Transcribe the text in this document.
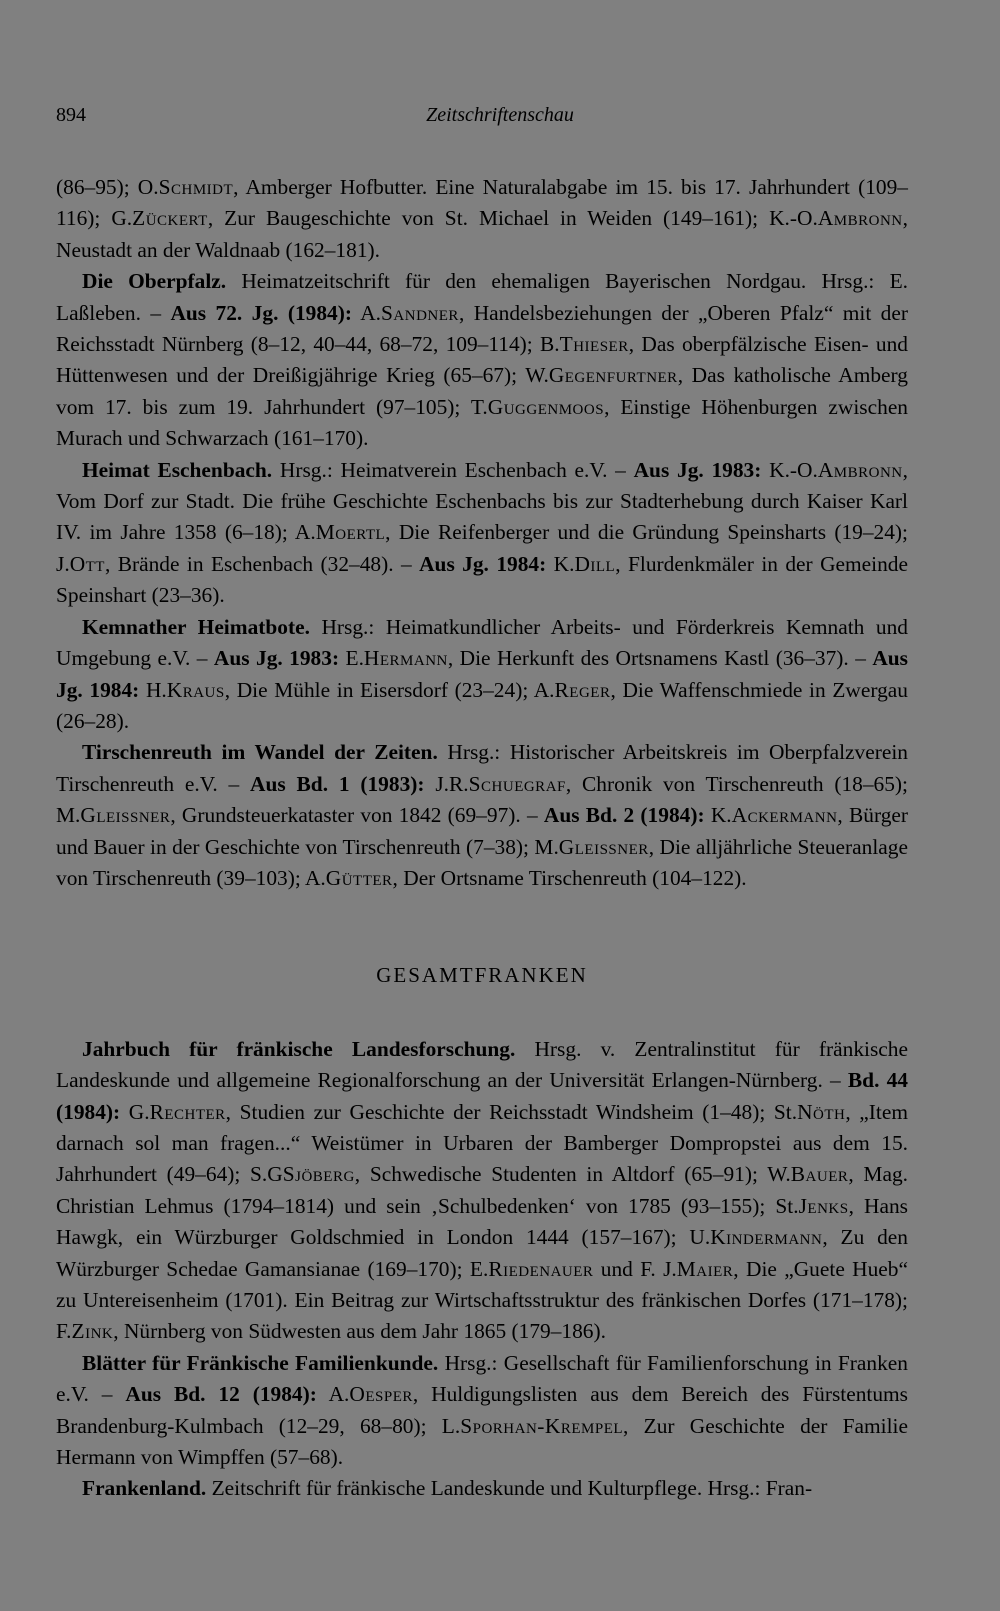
894	Zeitschriftenschau

(86–95); O.Schmidt, Amberger Hofbutter. Eine Naturalabgabe im 15. bis 17. Jahrhundert (109–116); G.Zückert, Zur Baugeschichte von St. Michael in Weiden (149–161); K.-O.Ambronn, Neustadt an der Waldnaab (162–181).

Die Oberpfalz. Heimatzeitschrift für den ehemaligen Bayerischen Nordgau. Hrsg.: E. Laßleben. – Aus 72. Jg. (1984): A.Sandner, Handelsbeziehungen der „Oberen Pfalz“ mit der Reichsstadt Nürnberg (8–12, 40–44, 68–72, 109–114); B.Thieser, Das oberpfälzische Eisen- und Hüttenwesen und der Dreißigjährige Krieg (65–67); W.Gegenfurtner, Das katholische Amberg vom 17. bis zum 19. Jahrhundert (97–105); T.Guggenmoos, Einstige Höhenburgen zwischen Murach und Schwarzach (161–170).

Heimat Eschenbach. Hrsg.: Heimatverein Eschenbach e.V. – Aus Jg. 1983: K.-O.Ambronn, Vom Dorf zur Stadt. Die frühe Geschichte Eschenbachs bis zur Stadterhebung durch Kaiser Karl IV. im Jahre 1358 (6–18); A.Moertl, Die Reifenberger und die Gründung Speinsharts (19–24); J.Ott, Brände in Eschenbach (32–48). – Aus Jg. 1984: K.Dill, Flurdenkmäler in der Gemeinde Speinshart (23–36).

Kemnather Heimatbote. Hrsg.: Heimatkundlicher Arbeits- und Förderkreis Kemnath und Umgebung e.V. – Aus Jg. 1983: E.Hermann, Die Herkunft des Ortsnamens Kastl (36–37). – Aus Jg. 1984: H.Kraus, Die Mühle in Eisersdorf (23–24); A.Reger, Die Waffenschmiede in Zwergau (26–28).

Tirschenreuth im Wandel der Zeiten. Hrsg.: Historischer Arbeitskreis im Oberpfalzverein Tirschenreuth e.V. – Aus Bd. 1 (1983): J.R.Schuegraf, Chronik von Tirschenreuth (18–65); M.Gleissner, Grundsteuerkataster von 1842 (69–97). – Aus Bd. 2 (1984): K.Ackermann, Bürger und Bauer in der Geschichte von Tirschenreuth (7–38); M.Gleissner, Die alljährliche Steueranlage von Tirschenreuth (39–103); A.Gütter, Der Ortsname Tirschenreuth (104–122).

GESAMTFRANKEN

Jahrbuch für fränkische Landesforschung. Hrsg. v. Zentralinstitut für fränkische Landeskunde und allgemeine Regionalforschung an der Universität Erlangen-Nürnberg. – Bd. 44 (1984): G.Rechter, Studien zur Geschichte der Reichsstadt Windsheim (1–48); St.Nöth, „Item darnach sol man fragen...“ Weistümer in Urbaren der Bamberger Dompropstei aus dem 15. Jahrhundert (49–64); S.GSjöberg, Schwedische Studenten in Altdorf (65–91); W.Bauer, Mag. Christian Lehmus (1794–1814) und sein ‚Schulbedenken‘ von 1785 (93–155); St.Jenks, Hans Hawgk, ein Würzburger Goldschmied in London 1444 (157–167); U.Kindermann, Zu den Würzburger Schedae Gamansianae (169–170); E.Riedenauer und F. J.Maier, Die „Guete Hueb“ zu Untereisenheim (1701). Ein Beitrag zur Wirtschaftsstruktur des fränkischen Dorfes (171–178); F.Zink, Nürnberg von Südwesten aus dem Jahr 1865 (179–186).

Blätter für Fränkische Familienkunde. Hrsg.: Gesellschaft für Familienforschung in Franken e.V. – Aus Bd. 12 (1984): A.Oesper, Huldigungslisten aus dem Bereich des Fürstentums Brandenburg-Kulmbach (12–29, 68–80); L.Sporhan-Krempel, Zur Geschichte der Familie Hermann von Wimpffen (57–68).

Frankenland. Zeitschrift für fränkische Landeskunde und Kulturpflege. Hrsg.: Fran-
